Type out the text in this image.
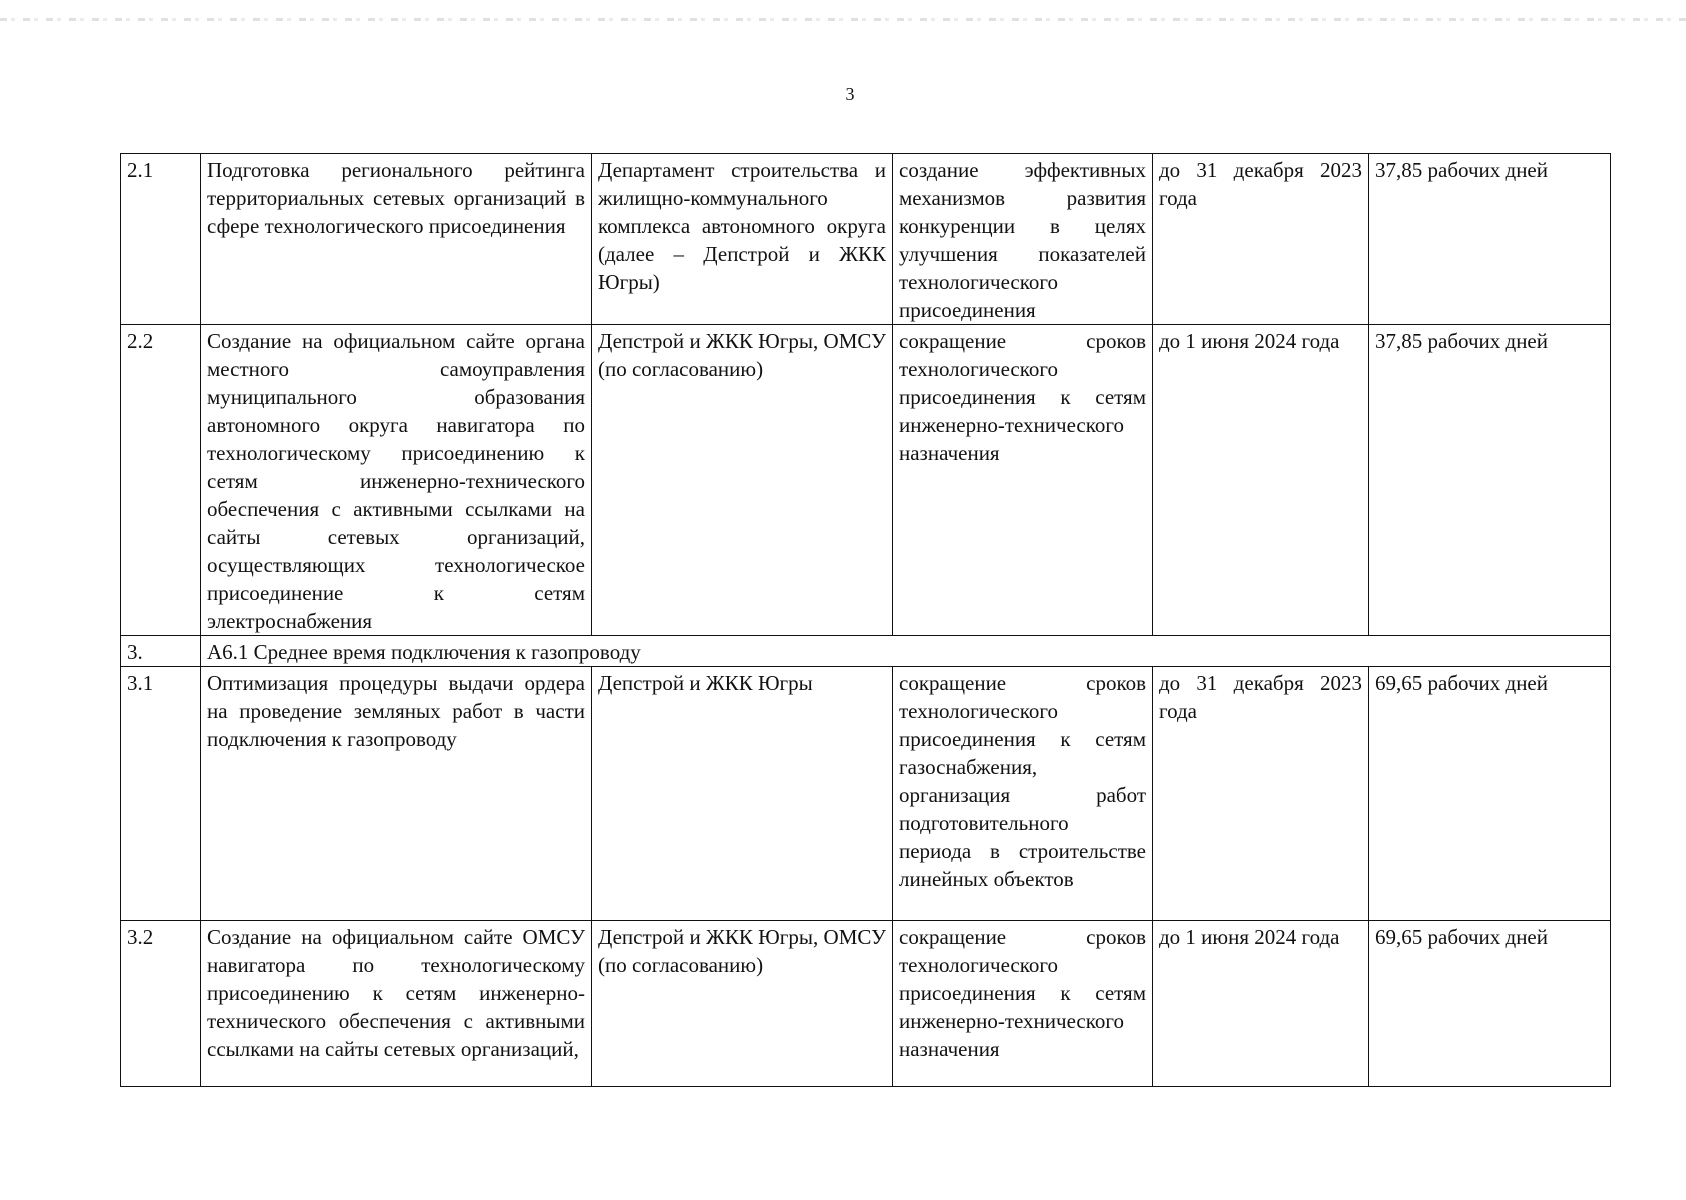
3
2.1	Подготовка регионального рейтинга территориальных сетевых организаций в сфере технологического присоединения	Департамент строительства и жилищно-коммунального комплекса автономного округа (далее – Депстрой и ЖКК Югры)	создание эффективных механизмов развития конкуренции в целях улучшения показателей технологического присоединения	до 31 декабря 2023 года	37,85 рабочих дней
2.2	Создание на официальном сайте органа местного самоуправления муниципального образования автономного округа навигатора по технологическому присоединению к сетям инженерно-технического обеспечения с активными ссылками на сайты сетевых организаций, осуществляющих технологическое присоединение к сетям электроснабжения	Депстрой и ЖКК Югры, ОМСУ (по согласованию)	сокращение сроков технологического присоединения к сетям инженерно-технического назначения	до 1 июня 2024 года	37,85 рабочих дней
3.	А6.1 Среднее время подключения к газопроводу				
3.1	Оптимизация процедуры выдачи ордера на проведение земляных работ в части подключения к газопроводу	Депстрой и ЖКК Югры	сокращение сроков технологического присоединения к сетям газоснабжения, организация работ подготовительного периода в строительстве линейных объектов	до 31 декабря 2023 года	69,65 рабочих дней
3.2	Создание на официальном сайте ОМСУ навигатора по технологическому присоединению к сетям инженерно-технического обеспечения с активными ссылками на сайты сетевых организаций,	Депстрой и ЖКК Югры, ОМСУ (по согласованию)	сокращение сроков технологического присоединения к сетям инженерно-технического назначения	до 1 июня 2024 года	69,65 рабочих дней
